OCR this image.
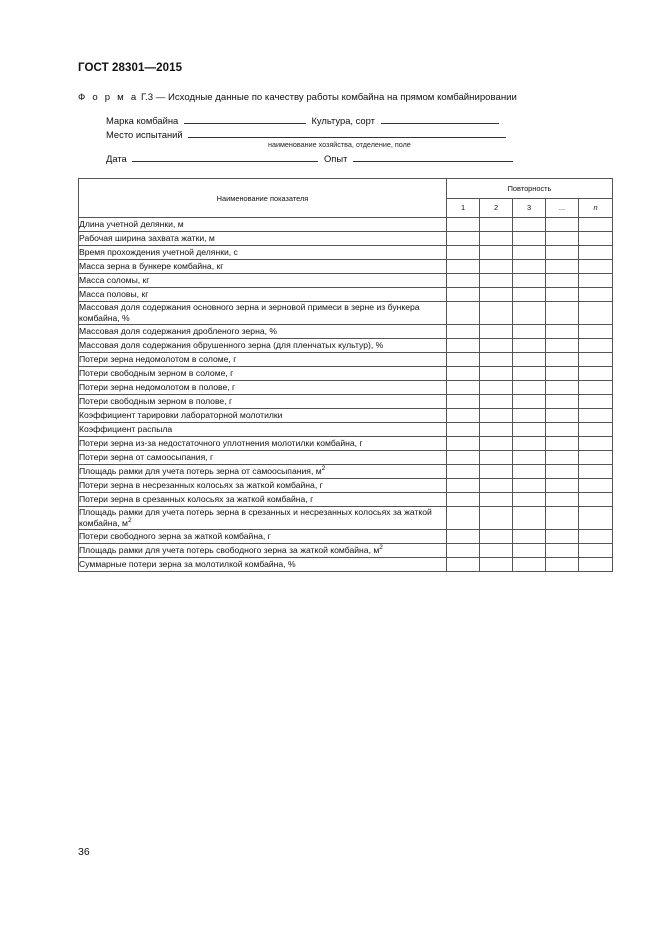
ГОСТ 28301—2015
Ф о р м а Г.3 — Исходные данные по качеству работы комбайна на прямом комбайнировании
Марка комбайна	Культура, сорт
Место испытаний
наименование хозяйства, отделение, поле
Дата	Опыт
Наименование показателя	Повторность				
	1	2	3	...	n
Длина учетной делянки, м					
Рабочая ширина захвата жатки, м					
Время прохождения учетной делянки, с					
Масса зерна в бункере комбайна, кг					
Масса соломы, кг					
Масса половы, кг					
Массовая доля содержания основного зерна и зерновой примеси в зерне из бункера комбайна, %					
Массовая доля содержания дробленого зерна, %					
Массовая доля содержания обрушенного зерна (для пленчатых культур), %					
Потери зерна недомолотом в соломе, г					
Потери свободным зерном в соломе, г					
Потери зерна недомолотом в полове, г					
Потери свободным зерном в полове, г					
Коэффициент тарировки лабораторной молотилки					
Коэффициент распыла					
Потери зерна из-за недостаточного уплотнения молотилки комбайна, г					
Потери зерна от самоосыпания, г					
Площадь рамки для учета потерь зерна от самоосыпания, $м^2$					
Потери зерна в несрезанных колосьях за жаткой комбайна, г					
Потери зерна в срезанных колосьях за жаткой комбайна, г					
Площадь рамки для учета потерь зерна в срезанных и несрезанных колосьях за жаткой комбайна, $м^2$					
Потери свободного зерна за жаткой комбайна, г					
Площадь рамки для учета потерь свободного зерна за жаткой комбайна, $м^2$					
Суммарные потери зерна за молотилкой комбайна, %					
36
